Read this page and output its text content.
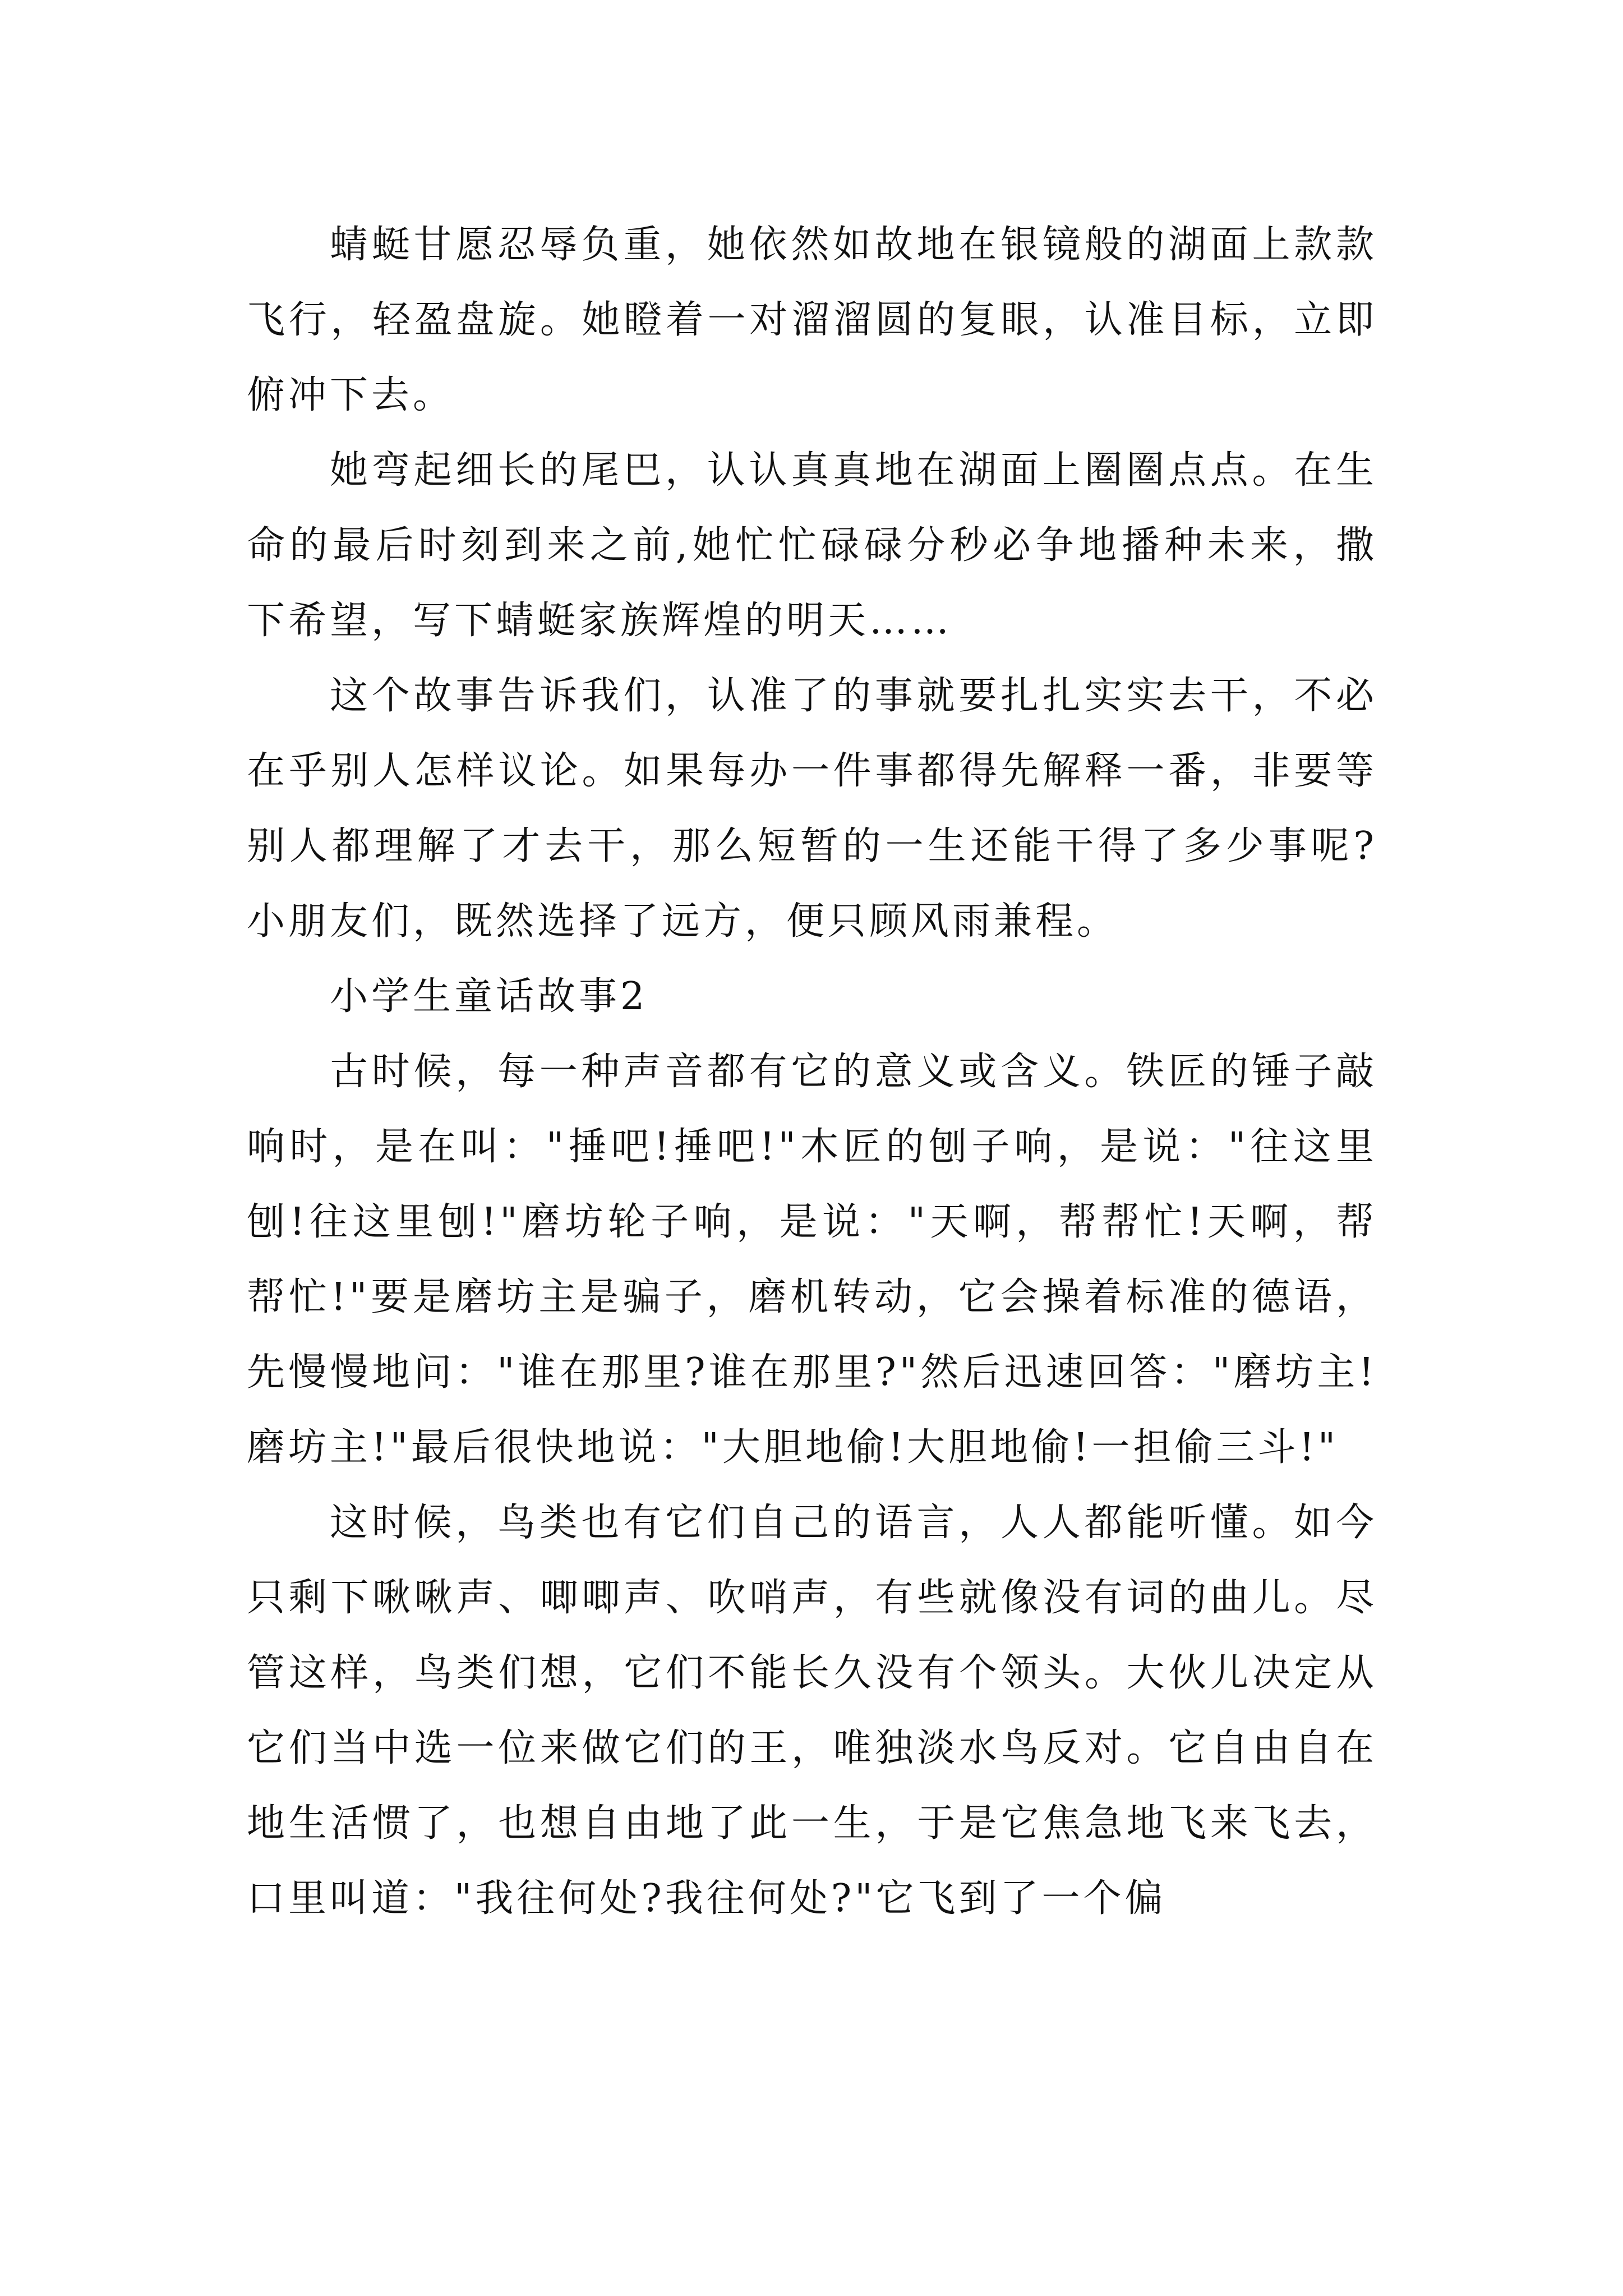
蜻蜓甘愿忍辱负重，她依然如故地在银镜般的湖面上款款飞行，轻盈盘旋。她瞪着一对溜溜圆的复眼，认准目标，立即俯冲下去。

她弯起细长的尾巴，认认真真地在湖面上圈圈点点。在生命的最后时刻到来之前,她忙忙碌碌分秒必争地播种未来，撒下希望，写下蜻蜓家族辉煌的明天……

这个故事告诉我们，认准了的事就要扎扎实实去干，不必在乎别人怎样议论。如果每办一件事都得先解释一番，非要等别人都理解了才去干，那么短暂的一生还能干得了多少事呢?小朋友们，既然选择了远方，便只顾风雨兼程。

小学生童话故事2

古时候，每一种声音都有它的意义或含义。铁匠的锤子敲响时，是在叫："捶吧!捶吧!"木匠的刨子响，是说："往这里刨!往这里刨!"磨坊轮子响，是说："天啊，帮帮忙!天啊，帮帮忙!"要是磨坊主是骗子，磨机转动，它会操着标准的德语，先慢慢地问："谁在那里?谁在那里?"然后迅速回答："磨坊主!磨坊主!"最后很快地说："大胆地偷!大胆地偷!一担偷三斗!"

这时候，鸟类也有它们自己的语言，人人都能听懂。如今只剩下啾啾声、唧唧声、吹哨声，有些就像没有词的曲儿。尽管这样，鸟类们想，它们不能长久没有个领头。大伙儿决定从它们当中选一位来做它们的王，唯独淡水鸟反对。它自由自在地生活惯了，也想自由地了此一生，于是它焦急地飞来飞去，口里叫道："我往何处?我往何处?"它飞到了一个偏
